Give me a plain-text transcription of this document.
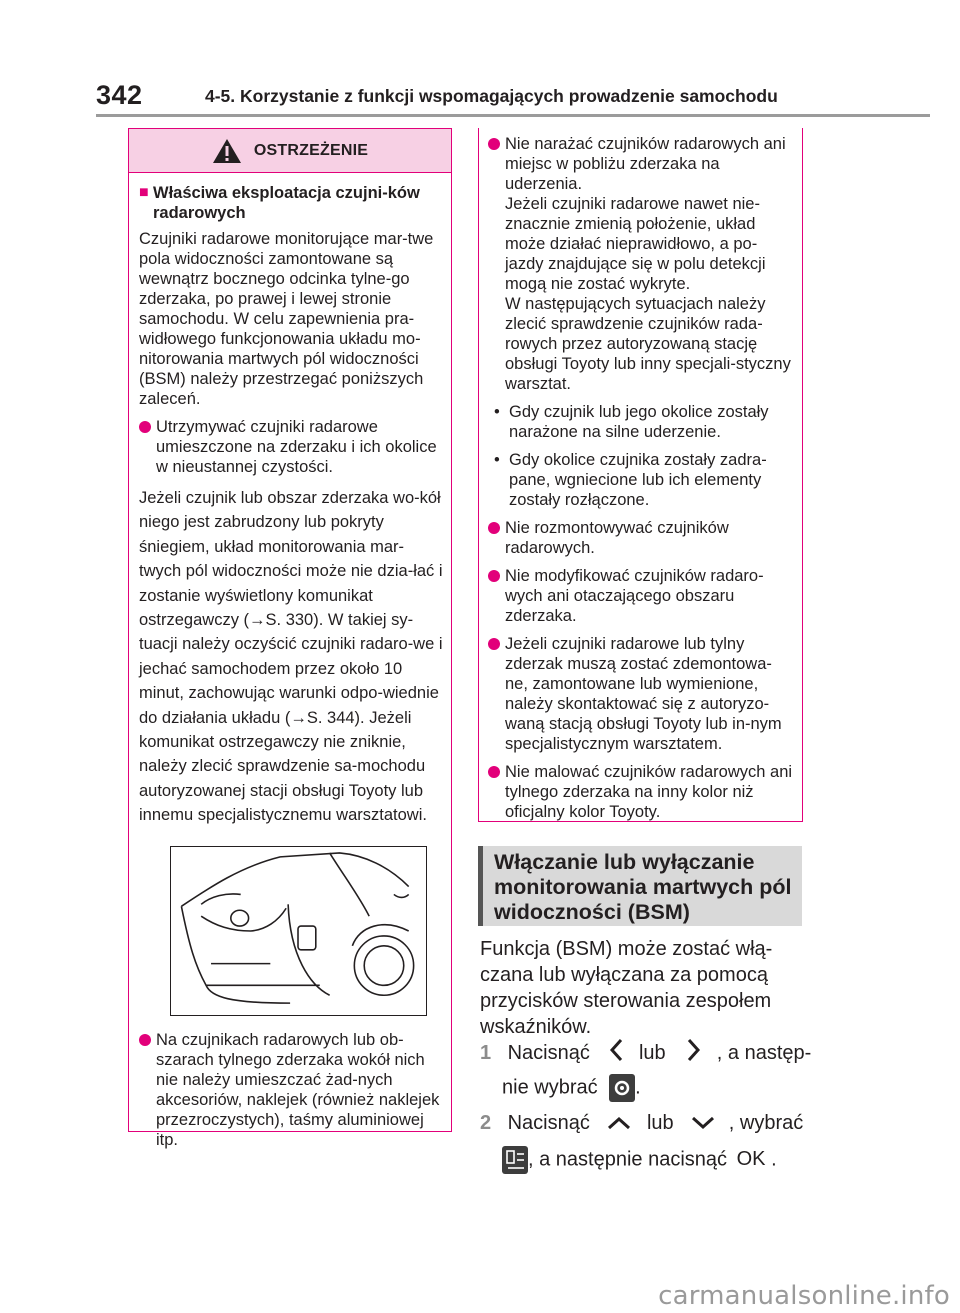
342	4-5. Korzystanie z funkcji wspomagających prowadzenie samochodu
OSTRZEŻENIE
■ Właściwa eksploatacja czujni-ków radarowych
Czujniki radarowe monitorujące mar-twe pola widoczności zamontowane są wewnątrz bocznego odcinka tylne-go zderzaka, po prawej i lewej stronie samochodu. W celu zapewnienia pra-widłowego funkcjonowania układu mo-nitorowania martwych pól widoczności (BSM) należy przestrzegać poniższych zaleceń.
Utrzymywać czujniki radarowe umieszczone na zderzaku i ich okolice w nieustannej czystości.
Jeżeli czujnik lub obszar zderzaka wo-kół niego jest zabrudzony lub pokryty śniegiem, układ monitorowania mar-twych pól widoczności może nie dzia-łać i zostanie wyświetlony komunikat ostrzegawczy (→S. 330). W takiej sy-tuacji należy oczyścić czujniki radaro-we i jechać samochodem przez około 10 minut, zachowując warunki odpo-wiednie do działania układu (→S. 344). Jeżeli komunikat ostrzegawczy nie zniknie, należy zlecić sprawdzenie sa-mochodu autoryzowanej stacji obsługi Toyoty lub innemu specjalistycznemu warsztatowi.
Na czujnikach radarowych lub ob-szarach tylnego zderzaka wokół nich nie należy umieszczać żad-nych akcesoriów, naklejek (również naklejek przezroczystych), taśmy aluminiowej itp.
Nie narażać czujników radarowych ani miejsc w pobliżu zderzaka na uderzenia.
Jeżeli czujniki radarowe nawet nie-znacznie zmienią położenie, układ może działać nieprawidłowo, a po-jazdy znajdujące się w polu detekcji mogą nie zostać wykryte.
W następujących sytuacjach należy zlecić sprawdzenie czujników rada-rowych przez autoryzowaną stację obsługi Toyoty lub inny specjali-styczny warsztat.
• Gdy czujnik lub jego okolice zostały narażone na silne uderzenie.
• Gdy okolice czujnika zostały zadra-pane, wgniecione lub ich elementy zostały rozłączone.
Nie rozmontowywać czujników radarowych.
Nie modyfikować czujników radaro-wych ani otaczającego obszaru zderzaka.
Jeżeli czujniki radarowe lub tylny zderzak muszą zostać zdemontowa-ne, zamontowane lub wymienione, należy skontaktować się z autoryzo-waną stacją obsługi Toyoty lub in-nym specjalistycznym warsztatem.
Nie malować czujników radarowych ani tylnego zderzaka na inny kolor niż oficjalny kolor Toyoty.
Włączanie lub wyłączanie monitorowania martwych pól widoczności (BSM)
Funkcja (BSM) może zostać włą-czana lub wyłączana za pomocą przycisków sterowania zespołem wskaźników.
1 Nacisnąć lub	, a następ-
nie wybrać .
2 Nacisnąć	lub	, wybrać
, a następnie nacisnąć OK .
carmanualsonline.info
